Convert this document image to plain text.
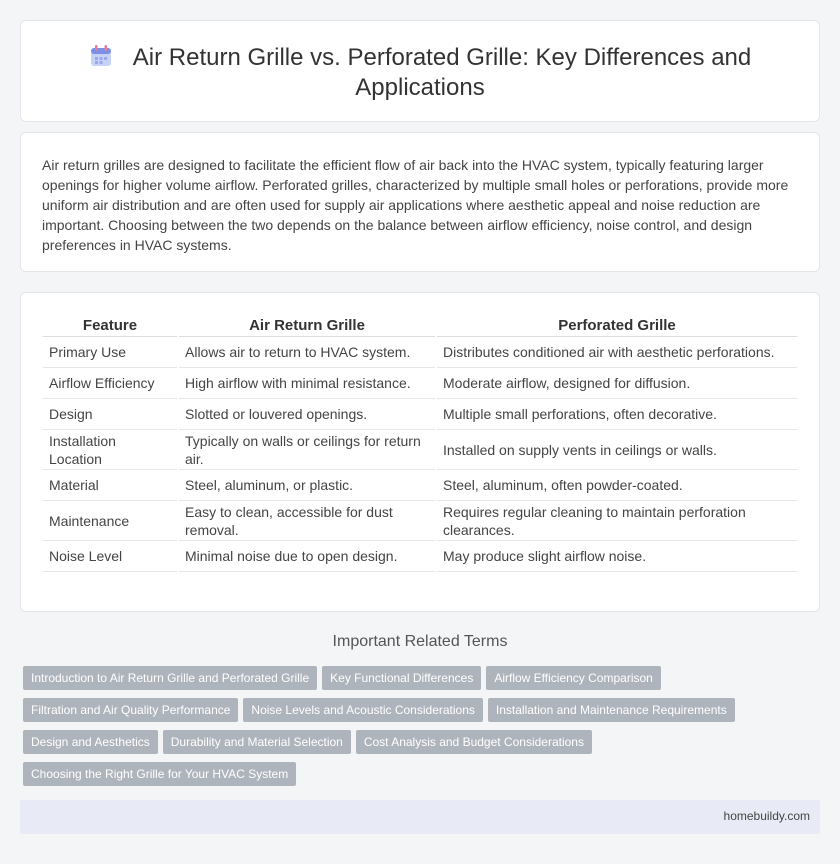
Air Return Grille vs. Perforated Grille: Key Differences and Applications

Air return grilles are designed to facilitate the efficient flow of air back into the HVAC system, typically featuring larger openings for higher volume airflow. Perforated grilles, characterized by multiple small holes or perforations, provide more uniform air distribution and are often used for supply air applications where aesthetic appeal and noise reduction are important. Choosing between the two depends on the balance between airflow efficiency, noise control, and design preferences in HVAC systems.

Feature	Air Return Grille	Perforated Grille
Primary Use	Allows air to return to HVAC system.	Distributes conditioned air with aesthetic perforations.
Airflow Efficiency	High airflow with minimal resistance.	Moderate airflow, designed for diffusion.
Design	Slotted or louvered openings.	Multiple small perforations, often decorative.
Installation Location	Typically on walls or ceilings for return air.	Installed on supply vents in ceilings or walls.
Material	Steel, aluminum, or plastic.	Steel, aluminum, often powder-coated.
Maintenance	Easy to clean, accessible for dust removal.	Requires regular cleaning to maintain perforation clearances.
Noise Level	Minimal noise due to open design.	May produce slight airflow noise.
Important Related Terms
Introduction to Air Return Grille and Perforated Grille Key Functional Differences Airflow Efficiency Comparison
Filtration and Air Quality Performance Noise Levels and Acoustic Considerations Installation and Maintenance Requirements
Design and Aesthetics Durability and Material Selection Cost Analysis and Budget Considerations
Choosing the Right Grille for Your HVAC System
homebuildy.com
